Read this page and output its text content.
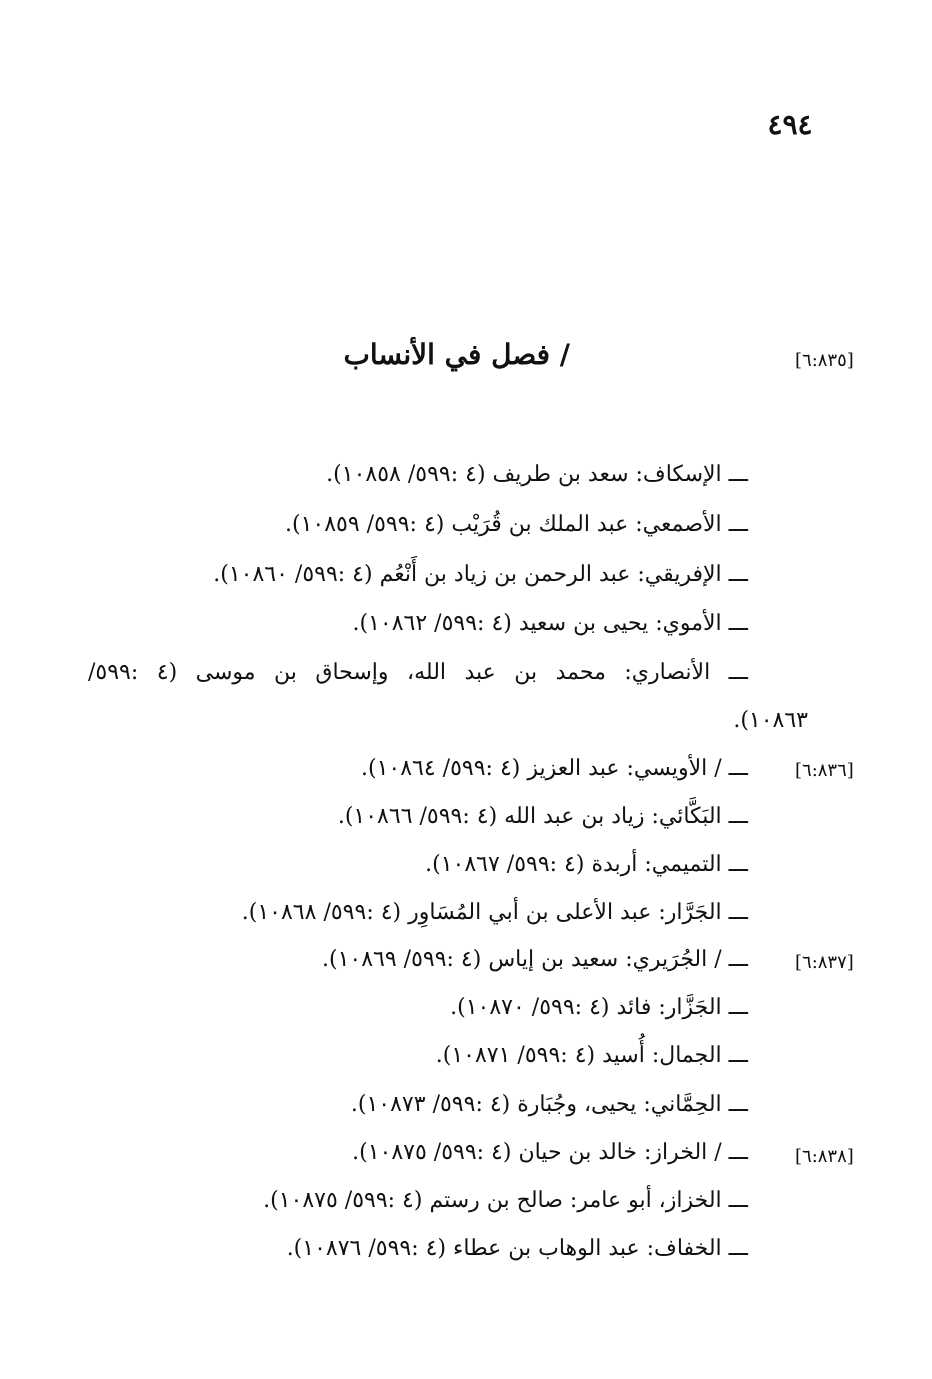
٤٩٤
[٦:٨٣٥]
/ فصل في الأنساب
ـــ الإسكاف: سعد بن طريف (٤ :٥٩٩/ ١٠٨٥٨).
ـــ الأصمعي: عبد الملك بن قُرَيْب (٤ :٥٩٩/ ١٠٨٥٩).
ـــ الإفريقي: عبد الرحمن بن زياد بن أَنْعُم (٤ :٥٩٩/ ١٠٨٦٠).
ـــ الأموي: يحيى بن سعيد (٤ :٥٩٩/ ١٠٨٦٢).
ـــ الأنصاري: محمد بن عبد الله، وإسحاق بن موسى (٤ :٥٩٩/
١٠٨٦٣).
[٦:٨٣٦]
ـــ / الأويسي: عبد العزيز (٤ :٥٩٩/ ١٠٨٦٤).
ـــ البَكَّائي: زياد بن عبد الله (٤ :٥٩٩/ ١٠٨٦٦).
ـــ التميمي: أربدة (٤ :٥٩٩/ ١٠٨٦٧).
ـــ الجَرَّار: عبد الأعلى بن أبي المُسَاوِر (٤ :٥٩٩/ ١٠٨٦٨).
[٦:٨٣٧]
ـــ / الجُرَيري: سعيد بن إياس (٤ :٥٩٩/ ١٠٨٦٩).
ـــ الجَزَّار: فائد (٤ :٥٩٩/ ١٠٨٧٠).
ـــ الجمال: أُسيد (٤ :٥٩٩/ ١٠٨٧١).
ـــ الحِمَّاني: يحيى، وجُبَارة (٤ :٥٩٩/ ١٠٨٧٣).
[٦:٨٣٨]
ـــ / الخراز: خالد بن حيان (٤ :٥٩٩/ ١٠٨٧٥).
ـــ الخزاز، أبو عامر: صالح بن رستم (٤ :٥٩٩/ ١٠٨٧٥).
ـــ الخفاف: عبد الوهاب بن عطاء (٤ :٥٩٩/ ١٠٨٧٦).
